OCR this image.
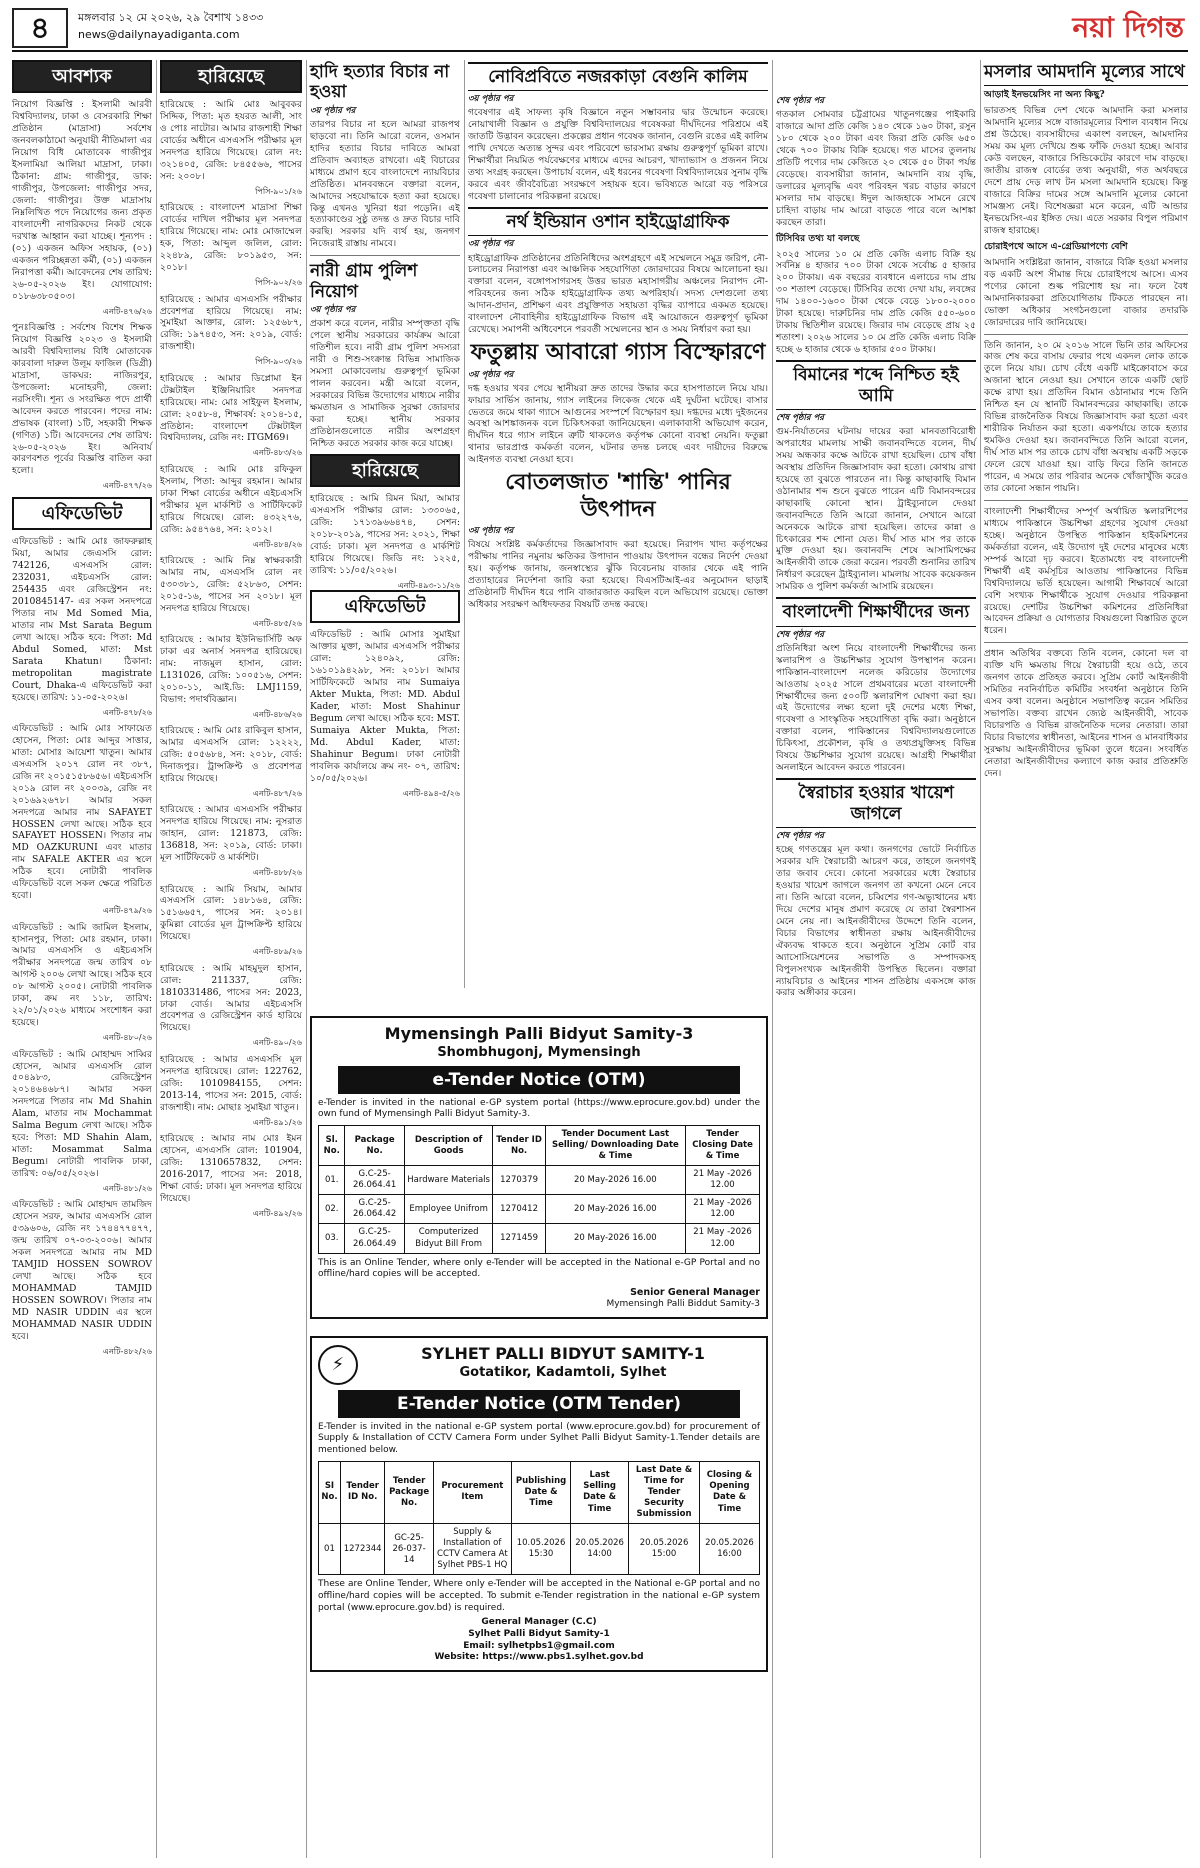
৪	মঙ্গলবার ১২ মে ২০২৬, ২৯ বৈশাখ ১৪৩৩
news@dailynayadiganta.com	নয়া দিগন্ত
আবশ্যক
নিয়োগ বিজ্ঞপ্তি : ইসলামী আরবী বিশ্ববিদ্যালয়, ঢাকা ও বেসরকারি শিক্ষা প্রতিষ্ঠান (মাদ্রাসা) সর্বশেষ জনবলকাঠামো অনুযায়ী নীতিমালা এর নিয়োগ বিধি মোতাবেক গাজীপুর ইসলামিয়া আলিয়া মাদ্রাসা, ঢাকা। ঠিকানা: গ্রাম: গাজীপুর, ডাক: গাজীপুর, উপজেলা: গাজীপুর সদর, জেলা: গাজীপুর। উক্ত মাদ্রাসায় নিম্নলিখিত পদে নিয়োগের জন্য প্রকৃত বাংলাদেশী নাগরিকদের নিকট থেকে দরখাস্ত আহ্বান করা যাচ্ছে। শূন্যপদ : (০১) একজন অফিস সহায়ক, (০১) একজন পরিচ্ছন্নতা কর্মী, (০১) একজন নিরাপত্তা কর্মী। আবেদনের শেষ তারিখ: ২৬-০৫-২০২৬ ইং। যোগাযোগ: ০১৮৬৩৮০৫০৩।
এনটি-৪৭৬/২৬
পুনঃবিজ্ঞপ্তি : সর্বশেষ বিশেষ শিক্ষক নিয়োগ বিজ্ঞপ্তি ২০২৩ ও ইসলামী আরবী বিশ্ববিদ্যালয় বিধি মোতাবেক কারবালা দারুল উলূম ফাজিল (ডিগ্রী) মাদ্রাসা, ডাকঘর: নাজিরপুর, উপজেলা: মনোহরদী, জেলা: নরসিংদী। শূন্য ও সংরক্ষিত পদে প্রার্থী আবেদন করতে পারবেন। পদের নাম: প্রভাষক (বাংলা) ১টি, সহকারী শিক্ষক (গণিত) ১টি। আবেদনের শেষ তারিখ: ২৬-০৫-২০২৬ ইং। অনিবার্য কারণবশত পূর্বের বিজ্ঞপ্তি বাতিল করা হলো।
এনটি-৪৭৭/২৬
এফিডেভিট
এফিডেভিট : আমি মোঃ জাফরুল্লাহ মিয়া, আমার জেএসসি রোল: 742126, এসএসসি রোল: 232031, এইচএসসি রোল: 254435 এবং রেজিস্ট্রেশন নং: 2010845147- এর সকল সনদপত্রে পিতার নাম Md Somed Mia, মাতার নাম Mst Sarata Begum লেখা আছে। সঠিক হবে: পিতা: Md Abdul Somed, মাতা: Mst Sarata Khatun। ঠিকানা: metropolitan magistrate Court, Dhaka-এ এফিডেভিট করা হয়েছে। তারিখ: ১১-০৫-২০২৬।
এনটি-৪৭৮/২৬
এফিডেভিট : আমি মোঃ সাফায়েত হোসেন, পিতা: মোঃ আব্দুর সাত্তার, মাতা: মোসাঃ আয়েশা খাতুন। আমার এসএসসি ২০১৭ রোল নং ৩৮৭, রেজি নং ২০১৫১৫৮৬৫৬। এইচএসসি ২০১৯ রোল নং ২০০৩৯, রেজি নং ২০১৬৯২৬৭৮। আমার সকল সনদপত্রে আমার নাম SAFAYET HOSSEN লেখা আছে। সঠিক হবে SAFAYET HOSSEN। পিতার নাম MD OAZKURUNI এবং মাতার নাম SAFALE AKTER এর স্থলে সঠিক হবে। নোটারী পাবলিক এফিডেভিট বলে সকল ক্ষেত্রে পরিচিত হবো।
এনটি-৪৭৯/২৬
এফিডেভিট : আমি জামিল ইসলাম, হাসানপুর, পিতা: মোঃ রহমান, ঢাকা। আমার এসএসসি ও এইচএসসি পরীক্ষার সনদপত্রে জন্ম তারিখ ০৮ আগস্ট ২০০৬ লেখা আছে। সঠিক হবে ০৮ আগস্ট ২০০৫। নোটারী পাবলিক ঢাকা, ক্রম নং ১১৮, তারিখ: ২২/০১/২০২৬ মাধ্যমে সংশোধন করা হয়েছে।
এনটি-৪৮০/২৬
এফিডেভিট : আমি মোহাম্মদ সাব্বির হোসেন, আমার এসএসসি রোল ৫০৪৯৮৩, রেজিস্ট্রেশন ২০১৪৬৪৬৮৭। আমার সকল সনদপত্রে পিতার নাম Md Shahin Alam, মাতার নাম Mochammat Salma Begum লেখা আছে। সঠিক হবে: পিতা: MD Shahin Alam, মাতা: Mosammat Salma Begum। নোটারী পাবলিক ঢাকা, তারিখ: ০৬/০৫/২০২৬।
এনটি-৪৮১/২৬
এফিডেভিট : আমি মোহাম্মদ তামজিদ হোসেন সরফ, আমার এসএসসি রোল ৫৩৯৬০৬, রেজি নং ১৭৪৪৭৭৪৭৭, জন্ম তারিখ ০৭-০৩-২০০৬। আমার সকল সনদপত্রে আমার নাম MD TAMJID HOSSEN SOWROV লেখা আছে। সঠিক হবে MOHAMMAD TAMJID HOSSEN SOWROV। পিতার নাম MD NASIR UDDIN এর স্থলে MOHAMMAD NASIR UDDIN হবে।
এনটি-৪৮২/২৬
হারিয়েছে
হারিয়েছে : আমি মোঃ আবুবকর সিদ্দিক, পিতা: মৃত হযরত আলী, সাং ও পোঃ নাটোর। আমার রাজশাহী শিক্ষা বোর্ডের অধীনে এসএসসি পরীক্ষার মূল সনদপত্র হারিয়ে গিয়েছে। রোল নং: ৩২১৪০৫, রেজি: ৮৪৫৫৬৬, পাসের সন: ২০০৮।
পিসি-৯০১/২৬
হারিয়েছে : বাংলাদেশ মাদ্রাসা শিক্ষা বোর্ডের দাখিল পরীক্ষার মূল সনদপত্র হারিয়ে গিয়েছে। নাম: মোঃ মোজাম্মেল হক, পিতা: আব্দুল জলিল, রোল: ২২৪৮৯, রেজি: ৮০১৯৫৩, সন: ২০১৮।
পিসি-৯০২/২৬
হারিয়েছে : আমার এসএসসি পরীক্ষার প্রবেশপত্র হারিয়ে গিয়েছে। নাম: সুমাইয়া আক্তার, রোল: ১২৫৬৮৭, রেজি: ১৯৭৪৫৩, সন: ২০১৯, বোর্ড: রাজশাহী।
পিসি-৯০৩/২৬
হারিয়েছে : আমার ডিপ্লোমা ইন টেক্সটাইল ইঞ্জিনিয়ারিং সনদপত্র হারিয়েছে। নাম: মোঃ সাইফুল ইসলাম, রোল: ২০৫৮-৪, শিক্ষাবর্ষ: ২০১৪-১৫, প্রতিষ্ঠান: বাংলাদেশ টেক্সটাইল বিশ্ববিদ্যালয়, রেজি নং: ITGM69।
এনটি-৪৮৩/২৬
হারিয়েছে : আমি মোঃ রফিকুল ইসলাম, পিতা: আব্দুর রহমান। আমার ঢাকা শিক্ষা বোর্ডের অধীনে এইচএসসি পরীক্ষার মূল মার্কশিট ও সার্টিফিকেট হারিয়ে গিয়েছে। রোল: ৪৩২২৭৬, রেজি: ৯৫৪৭৬৪, সন: ২০১২।
এনটি-৪৮৪/২৬
হারিয়েছে : আমি নিম্ন স্বাক্ষরকারী আমার নাম, এসএসসি রোল নং ৫৩০৩৮১, রেজি: ৫২৮৬৩, সেশন: ২০১৫-১৬, পাসের সন ২০১৮। মূল সনদপত্র হারিয়ে গিয়েছে।
এনটি-৪৮৫/২৬
হারিয়েছে : আমার ইউনিভার্সিটি অফ ঢাকা এর অনার্স সনদপত্র হারিয়েছে। নাম: নাজমুল হাসান, রোল: L131026, রেজি: ১০০৫১৬, সেশন: ২০১০-১১, আই.ডি: LMJ1159, বিভাগ: পদার্থবিজ্ঞান।
এনটি-৪৮৬/২৬
হারিয়েছে : আমি মোঃ রাকিবুল হাসান, আমার এসএসসি রোল: ১২২২২, রেজি: ৫০৫৬৮৪, সন: ২০১৮, বোর্ড: দিনাজপুর। ট্রান্সক্রিপ্ট ও প্রবেশপত্র হারিয়ে গিয়েছে।
এনটি-৪৮৭/২৬
হারিয়েছে : আমার এসএসসি পরীক্ষার সনদপত্র হারিয়ে গিয়েছে। নাম: নুসরাত জাহান, রোল: 121873, রেজি: 136818, সন: ২০১৯, বোর্ড: ঢাকা। মূল সার্টিফিকেট ও মার্কশিট।
এনটি-৪৮৮/২৬
হারিয়েছে : আমি সিয়াম, আমার এসএসসি রোল: ১৪৮১৬৪, রেজি: ১৫১৬৬৫৭, পাসের সন: ২০১৪। কুমিল্লা বোর্ডের মূল ট্রান্সক্রিপ্ট হারিয়ে গিয়েছে।
এনটি-৪৮৯/২৬
হারিয়েছে : আমি মাহমুদুল হাসান, রোল: 211337, রেজি: 1810331486, পাসের সন: 2023, ঢাকা বোর্ড। আমার এইচএসসি প্রবেশপত্র ও রেজিস্ট্রেশন কার্ড হারিয়ে গিয়েছে।
এনটি-৪৯০/২৬
হারিয়েছে : আমার এসএসসি মূল সনদপত্র হারিয়েছে। রোল: 122762, রেজি: 1010984155, সেশন: 2013-14, পাসের সন: 2015, বোর্ড: রাজশাহী। নাম: মোছাঃ সুমাইয়া খাতুন।
এনটি-৪৯১/২৬
হারিয়েছে : আমার নাম মোঃ ইমন হোসেন, এসএসসি রোল: 101904, রেজি: 1310657832, সেশন: 2016-2017, পাসের সন: 2018, শিক্ষা বোর্ড: ঢাকা। মূল সনদপত্র হারিয়ে গিয়েছে।
এনটি-৪৯২/২৬
হাদি হত্যার বিচার না হওয়া
৩য় পৃষ্ঠার পর
তারপর বিচার না হলে আমরা রাজপথ ছাড়বো না। তিনি আরো বলেন, ওসমান হাদির হত্যার বিচার দাবিতে আমরা প্রতিবাদ অব্যাহত রাখবো। এই বিচারের মাধ্যমে প্রমাণ হবে বাংলাদেশে ন্যায়বিচার প্রতিষ্ঠিত। মানববন্ধনে বক্তারা বলেন, আমাদের সহযোদ্ধাকে হত্যা করা হয়েছে। কিন্তু এখনও খুনিরা ধরা পড়েনি। এই হত্যাকাণ্ডের সুষ্ঠু তদন্ত ও দ্রুত বিচার দাবি করছি। সরকার যদি ব্যর্থ হয়, জনগণ নিজেরাই রাস্তায় নামবে।
নারী গ্রাম পুলিশ নিয়োগ
৩য় পৃষ্ঠার পর
প্রকাশ করে বলেন, নারীর সম্পৃক্ততা বৃদ্ধি পেলে স্থানীয় সরকারের কার্যক্রম আরো গতিশীল হবে। নারী গ্রাম পুলিশ সদস্যরা নারী ও শিশু-সংক্রান্ত বিভিন্ন সামাজিক সমস্যা মোকাবেলায় গুরুত্বপূর্ণ ভূমিকা পালন করবেন। মন্ত্রী আরো বলেন, সরকারের বিভিন্ন উদ্যোগের মাধ্যমে নারীর ক্ষমতায়ন ও সামাজিক সুরক্ষা জোরদার করা হচ্ছে। স্থানীয় সরকার প্রতিষ্ঠানগুলোতে নারীর অংশগ্রহণ নিশ্চিত করতে সরকার কাজ করে যাচ্ছে।
হারিয়েছে
হারিয়েছে : আমি রিমন মিয়া, আমার এসএসসি পরীক্ষার রোল: ১৩৩০৬৫, রেজি: ১৭১৩৯৬৬৪৭৪, সেশন: ২০১৮-২০১৯, পাসের সন: ২০২১, শিক্ষা বোর্ড: ঢাকা। মূল সনদপত্র ও মার্কশিট হারিয়ে গিয়েছে। জিডি নং: ১২২৫, তারিখ: ১১/০৫/২০২৬।
এনটি-৪৯৩-১১/২৬
এফিডেভিট
এফিডেভিট : আমি মোসাঃ সুমাইয়া আক্তার মুক্তা, আমার এসএসসি পরীক্ষার রোল: ১২৪০৯২, রেজি: ১৬১০১৯৪২৯৮, সন: ২০১৮। আমার সার্টিফিকেটে আমার নাম Sumaiya Akter Mukta, পিতা: MD. Abdul Kader, মাতা: Most Shahinur Begum লেখা আছে। সঠিক হবে: MST. Sumaiya Akter Mukta, পিতা: Md. Abdul Kader, মাতা: Shahinur Begum। ঢাকা নোটারী পাবলিক কার্যালয়ে ক্রম নং- ০৭, তারিখ: ১০/০৫/২০২৬।
এনটি-৪৯৪-৫/২৬
নোবিপ্রবিতে নজরকাড়া বেগুনি কালিম
৩য় পৃষ্ঠার পর
গবেষণার এই সাফল্য কৃষি বিজ্ঞানে নতুন সম্ভাবনার দ্বার উন্মোচন করেছে। নোয়াখালী বিজ্ঞান ও প্রযুক্তি বিশ্ববিদ্যালয়ের গবেষকরা দীর্ঘদিনের পরিশ্রমে এই জাতটি উদ্ভাবন করেছেন। প্রকল্পের প্রধান গবেষক জানান, বেগুনি রঙের এই কালিম পাখি দেখতে অত্যন্ত সুন্দর এবং পরিবেশে ভারসাম্য রক্ষায় গুরুত্বপূর্ণ ভূমিকা রাখে। শিক্ষার্থীরা নিয়মিত পর্যবেক্ষণের মাধ্যমে এদের আচরণ, খাদ্যাভ্যাস ও প্রজনন নিয়ে তথ্য সংগ্রহ করছেন। উপাচার্য বলেন, এই ধরনের গবেষণা বিশ্ববিদ্যালয়ের সুনাম বৃদ্ধি করবে এবং জীববৈচিত্র্য সংরক্ষণে সহায়ক হবে। ভবিষ্যতে আরো বড় পরিসরে গবেষণা চালানোর পরিকল্পনা রয়েছে।
নর্থ ইন্ডিয়ান ওশান হাইড্রোগ্রাফিক
৩য় পৃষ্ঠার পর
হাইড্রোগ্রাফিক প্রতিষ্ঠানের প্রতিনিধিদের অংশগ্রহণে এই সম্মেলনে সমুদ্র জরিপ, নৌ-চলাচলের নিরাপত্তা এবং আঞ্চলিক সহযোগিতা জোরদারের বিষয়ে আলোচনা হয়। বক্তারা বলেন, বঙ্গোপসাগরসহ উত্তর ভারত মহাসাগরীয় অঞ্চলের নিরাপদ নৌ-পরিবহনের জন্য সঠিক হাইড্রোগ্রাফিক তথ্য অপরিহার্য। সদস্য দেশগুলো তথ্য আদান-প্রদান, প্রশিক্ষণ এবং প্রযুক্তিগত সহায়তা বৃদ্ধির ব্যাপারে একমত হয়েছে। বাংলাদেশ নৌবাহিনীর হাইড্রোগ্রাফিক বিভাগ এই আয়োজনে গুরুত্বপূর্ণ ভূমিকা রেখেছে। সমাপনী অধিবেশনে পরবর্তী সম্মেলনের স্থান ও সময় নির্ধারণ করা হয়।
ফতুল্লায় আবারো গ্যাস বিস্ফোরণে
৩য় পৃষ্ঠার পর
দগ্ধ হওয়ার খবর পেয়ে স্থানীয়রা দ্রুত তাদের উদ্ধার করে হাসপাতালে নিয়ে যায়। ফায়ার সার্ভিস জানায়, গ্যাস লাইনের লিকেজ থেকে এই দুর্ঘটনা ঘটেছে। বাসার ভেতরে জমে থাকা গ্যাসে আগুনের সংস্পর্শে বিস্ফোরণ হয়। দগ্ধদের মধ্যে দুইজনের অবস্থা আশঙ্কাজনক বলে চিকিৎসকরা জানিয়েছেন। এলাকাবাসী অভিযোগ করেন, দীর্ঘদিন ধরে গ্যাস লাইনে ত্রুটি থাকলেও কর্তৃপক্ষ কোনো ব্যবস্থা নেয়নি। ফতুল্লা থানার ভারপ্রাপ্ত কর্মকর্তা বলেন, ঘটনার তদন্ত চলছে এবং দায়ীদের বিরুদ্ধে আইনগত ব্যবস্থা নেওয়া হবে।
বোতলজাত 'শান্তি' পানির উৎপাদন
৩য় পৃষ্ঠার পর
বিষয়ে সংশ্লিষ্ট কর্মকর্তাদের জিজ্ঞাসাবাদ করা হয়েছে। নিরাপদ খাদ্য কর্তৃপক্ষের পরীক্ষায় পানির নমুনায় ক্ষতিকর উপাদান পাওয়ায় উৎপাদন বন্ধের নির্দেশ দেওয়া হয়। কর্তৃপক্ষ জানায়, জনস্বাস্থ্যের ঝুঁকি বিবেচনায় বাজার থেকে এই পানি প্রত্যাহারের নির্দেশনা জারি করা হয়েছে। বিএসটিআই-এর অনুমোদন ছাড়াই প্রতিষ্ঠানটি দীর্ঘদিন ধরে পানি বাজারজাত করছিল বলে অভিযোগ রয়েছে। ভোক্তা অধিকার সংরক্ষণ অধিদফতর বিষয়টি তদন্ত করছে।
Mymensingh Palli Bidyut Samity-3
Shombhugonj, Mymensingh
e-Tender Notice (OTM)
e-Tender is invited in the national e-GP system portal (https://www.eprocure.gov.bd) under the own fund of Mymensingh Palli Bidyut Samity-3.
Sl. No.	Package No.	Description of Goods	Tender ID No.	Tender Document Last Selling/ Downloading Date & Time	Tender Closing Date & Time
01.	G.C-25-26.064.41	Hardware Materials	1270379	20 May-2026 16.00	21 May -2026 12.00
02.	G.C-25-26.064.42	Employee Unifrom	1270412	20 May-2026 16.00	21 May -2026 12.00
03.	G.C-25-26.064.49	Computerized Bidyut Bill From	1271459	20 May-2026 16.00	21 May -2026 12.00
This is an Online Tender, where only e-Tender will be accepted in the National e-GP Portal and no offline/hard copies will be accepted.
Senior General Manager
Mymensingh Palli Biddut Samity-3
⚡
SYLHET PALLI BIDYUT SAMITY-1
Gotatikor, Kadamtoli, Sylhet
E-Tender Notice (OTM Tender)
E-Tender is invited in the national e-GP system portal (www.eprocure.gov.bd) for procurement of Supply & Installation of CCTV Camera Form under Sylhet Palli Bidyut Samity-1.Tender details are mentioned below.
SI No.	Tender ID No.	Tender Package No.	Procurement Item	Publishing Date & Time	Last Selling Date & Time	Last Date & Time for Tender Security Submission	Closing & Opening Date & Time
01	1272344	GC-25-26-037-14	Supply & Installation of CCTV Camera At Sylhet PBS-1 HQ	10.05.2026 15:30	20.05.2026 14:00	20.05.2026 15:00	20.05.2026 16:00
These are Online Tender, Where only e-Tender will be accepted in the National e-GP portal and no offline/hard copies will be accepted. To submit e-Tender registration in the national e-GP system portal (www.eprocure.gov.bd) is required.
General Manager (C.C)
Sylhet Palli Bidyut Samity-1
Email: sylhetpbs1@gmail.com
Website: https://www.pbs1.sylhet.gov.bd
শেষ পৃষ্ঠার পর
গতকাল সোমবার চট্টগ্রামের খাতুনগঞ্জের পাইকারি বাজারে আদা প্রতি কেজি ১৪০ থেকে ১৬০ টাকা, রসুন ১৮০ থেকে ২০০ টাকা এবং জিরা প্রতি কেজি ৬৫০ থেকে ৭০০ টাকায় বিক্রি হয়েছে। গত মাসের তুলনায় প্রতিটি পণ্যের দাম কেজিতে ২০ থেকে ৫০ টাকা পর্যন্ত বেড়েছে। ব্যবসায়ীরা জানান, আমদানি ব্যয় বৃদ্ধি, ডলারের মূল্যবৃদ্ধি এবং পরিবহন খরচ বাড়ার কারণে মসলার দাম বাড়ছে। ঈদুল আজহাকে সামনে রেখে চাহিদা বাড়ায় দাম আরো বাড়তে পারে বলে আশঙ্কা করছেন তারা।
টিসিবির তথ্য যা বলছে
২০২৫ সালের ১০ মে প্রতি কেজি এলাচ বিক্রি হয় সর্বনিম্ন ৪ হাজার ৭০০ টাকা থেকে সর্বোচ্চ ৫ হাজার ২০০ টাকায়। এক বছরের ব্যবধানে এলাচের দাম প্রায় ৩০ শতাংশ বেড়েছে। টিসিবির তথ্যে দেখা যায়, লবঙ্গের দাম ১৪০০-১৬০০ টাকা থেকে বেড়ে ১৮০০-২০০০ টাকা হয়েছে। দারুচিনির দাম প্রতি কেজি ৫৫০-৬০০ টাকায় স্থিতিশীল রয়েছে। জিরার দাম বেড়েছে প্রায় ২৫ শতাংশ। ২০২৬ সালের ১০ মে প্রতি কেজি এলাচ বিক্রি হচ্ছে ৬ হাজার থেকে ৬ হাজার ৫০০ টাকায়।
বিমানের শব্দে নিশ্চিত হই আমি
শেষ পৃষ্ঠার পর
গুম-নির্যাতনের ঘটনায় দায়ের করা মানবতাবিরোধী অপরাধের মামলায় সাক্ষী জবানবন্দিতে বলেন, দীর্ঘ সময় অন্ধকার কক্ষে আটকে রাখা হয়েছিল। চোখ বাঁধা অবস্থায় প্রতিদিন জিজ্ঞাসাবাদ করা হতো। কোথায় রাখা হয়েছে তা বুঝতে পারতেন না। কিন্তু কাছাকাছি বিমান ওঠানামার শব্দ শুনে বুঝতে পারেন এটি বিমানবন্দরের কাছাকাছি কোনো স্থান। ট্রাইব্যুনালে দেওয়া জবানবন্দিতে তিনি আরো জানান, সেখানে আরো অনেককে আটকে রাখা হয়েছিল। তাদের কান্না ও চিৎকারের শব্দ শোনা যেত। দীর্ঘ সাত মাস পর তাকে মুক্তি দেওয়া হয়। জবানবন্দি শেষে আসামিপক্ষের আইনজীবী তাকে জেরা করেন। পরবর্তী শুনানির তারিখ নির্ধারণ করেছেন ট্রাইব্যুনাল। মামলায় সাবেক কয়েকজন সামরিক ও পুলিশ কর্মকর্তা আসামি রয়েছেন।
বাংলাদেশী শিক্ষার্থীদের জন্য
শেষ পৃষ্ঠার পর
প্রতিনিধিরা অংশ নিয়ে বাংলাদেশী শিক্ষার্থীদের জন্য স্কলারশিপ ও উচ্চশিক্ষার সুযোগ উপস্থাপন করেন। পাকিস্তান-বাংলাদেশ নলেজ করিডোর উদ্যোগের আওতায় ২০২৫ সালে প্রথমবারের মতো বাংলাদেশী শিক্ষার্থীদের জন্য ৫০০টি স্কলারশিপ ঘোষণা করা হয়। এই উদ্যোগের লক্ষ্য হলো দুই দেশের মধ্যে শিক্ষা, গবেষণা ও সাংস্কৃতিক সহযোগিতা বৃদ্ধি করা। অনুষ্ঠানে বক্তারা বলেন, পাকিস্তানের বিশ্ববিদ্যালয়গুলোতে চিকিৎসা, প্রকৌশল, কৃষি ও তথ্যপ্রযুক্তিসহ বিভিন্ন বিষয়ে উচ্চশিক্ষার সুযোগ রয়েছে। আগ্রহী শিক্ষার্থীরা অনলাইনে আবেদন করতে পারবেন।
স্বৈরাচার হওয়ার খায়েশ জাগলে
শেষ পৃষ্ঠার পর
হচ্ছে গণতন্ত্রের মূল কথা। জনগণের ভোটে নির্বাচিত সরকার যদি স্বৈরাচারী আচরণ করে, তাহলে জনগণই তার জবাব দেবে। কোনো সরকারের মধ্যে স্বৈরাচার হওয়ার খায়েশ জাগলে জনগণ তা কখনো মেনে নেবে না। তিনি আরো বলেন, চব্বিশের গণ-অভ্যুত্থানের মধ্য দিয়ে দেশের মানুষ প্রমাণ করেছে যে তারা স্বৈরশাসন মেনে নেয় না। আইনজীবীদের উদ্দেশে তিনি বলেন, বিচার বিভাগের স্বাধীনতা রক্ষায় আইনজীবীদের ঐক্যবদ্ধ থাকতে হবে। অনুষ্ঠানে সুপ্রিম কোর্ট বার অ্যাসোসিয়েশনের সভাপতি ও সম্পাদকসহ বিপুলসংখ্যক আইনজীবী উপস্থিত ছিলেন। বক্তারা ন্যায়বিচার ও আইনের শাসন প্রতিষ্ঠায় একসঙ্গে কাজ করার অঙ্গীকার করেন।
মসলার আমদানি মূল্যের সাথে
আড়াই ইনভয়েসিং না অন্য কিছু?
ভারতসহ বিভিন্ন দেশ থেকে আমদানি করা মসলার আমদানি মূল্যের সঙ্গে বাজারমূল্যের বিশাল ব্যবধান নিয়ে প্রশ্ন উঠেছে। ব্যবসায়ীদের একাংশ বলছেন, আমদানির সময় কম মূল্য দেখিয়ে শুল্ক ফাঁকি দেওয়া হচ্ছে। আবার কেউ বলছেন, বাজারে সিন্ডিকেটের কারণে দাম বাড়ছে। জাতীয় রাজস্ব বোর্ডের তথ্য অনুযায়ী, গত অর্থবছরে দেশে প্রায় দেড় লাখ টন মসলা আমদানি হয়েছে। কিন্তু বাজারে বিক্রির দামের সঙ্গে আমদানি মূল্যের কোনো সামঞ্জস্য নেই। বিশেষজ্ঞরা মনে করেন, এটি আন্ডার ইনভয়েসিং-এর ইঙ্গিত দেয়। এতে সরকার বিপুল পরিমাণ রাজস্ব হারাচ্ছে।
চোরাইপথে আসে এ-গ্রেডিয়াপণ্যে বেশি
আমদানি সংশ্লিষ্টরা জানান, বাজারে বিক্রি হওয়া মসলার বড় একটি অংশ সীমান্ত দিয়ে চোরাইপথে আসে। এসব পণ্যের কোনো শুল্ক পরিশোধ হয় না। ফলে বৈধ আমদানিকারকরা প্রতিযোগিতায় টিকতে পারছেন না। ভোক্তা অধিকার সংগঠনগুলো বাজার তদারকি জোরদারের দাবি জানিয়েছে।
তিনি জানান, ২০ মে ২০১৬ সালে ভিনি তার অফিসের কাজ শেষ করে বাসায় ফেরার পথে একদল লোক তাকে তুলে নিয়ে যায়। চোখ বেঁধে একটি মাইক্রোবাসে করে অজানা স্থানে নেওয়া হয়। সেখানে তাকে একটি ছোট কক্ষে রাখা হয়। প্রতিদিন বিমান ওঠানামার শব্দে তিনি নিশ্চিত হন যে স্থানটি বিমানবন্দরের কাছাকাছি। তাকে বিভিন্ন রাজনৈতিক বিষয়ে জিজ্ঞাসাবাদ করা হতো এবং শারীরিক নির্যাতন করা হতো। একপর্যায়ে তাকে হত্যার হুমকিও দেওয়া হয়। জবানবন্দিতে তিনি আরো বলেন, দীর্ঘ সাত মাস পর তাকে চোখ বাঁধা অবস্থায় একটি সড়কে ফেলে রেখে যাওয়া হয়। বাড়ি ফিরে তিনি জানতে পারেন, এ সময়ে তার পরিবার অনেক খোঁজাখুঁজি করেও তার কোনো সন্ধান পায়নি।
বাংলাদেশী শিক্ষার্থীদের সম্পূর্ণ অর্থায়িত স্কলারশিপের মাধ্যমে পাকিস্তানে উচ্চশিক্ষা গ্রহণের সুযোগ দেওয়া হচ্ছে। অনুষ্ঠানে উপস্থিত পাকিস্তান হাইকমিশনের কর্মকর্তারা বলেন, এই উদ্যোগ দুই দেশের মানুষের মধ্যে সম্পর্ক আরো দৃঢ় করবে। ইতোমধ্যে বহু বাংলাদেশী শিক্ষার্থী এই কর্মসূচির আওতায় পাকিস্তানের বিভিন্ন বিশ্ববিদ্যালয়ে ভর্তি হয়েছেন। আগামী শিক্ষাবর্ষে আরো বেশি সংখ্যক শিক্ষার্থীকে সুযোগ দেওয়ার পরিকল্পনা রয়েছে। দেশটির উচ্চশিক্ষা কমিশনের প্রতিনিধিরা আবেদন প্রক্রিয়া ও যোগ্যতার বিষয়গুলো বিস্তারিত তুলে ধরেন।
প্রধান অতিথির বক্তব্যে তিনি বলেন, কোনো দল বা ব্যক্তি যদি ক্ষমতায় গিয়ে স্বৈরাচারী হয়ে ওঠে, তবে জনগণ তাকে প্রতিহত করবে। সুপ্রিম কোর্ট আইনজীবী সমিতির নবনির্বাচিত কমিটির সংবর্ধনা অনুষ্ঠানে তিনি এসব কথা বলেন। অনুষ্ঠানে সভাপতিত্ব করেন সমিতির সভাপতি। বক্তব্য রাখেন জ্যেষ্ঠ আইনজীবী, সাবেক বিচারপতি ও বিভিন্ন রাজনৈতিক দলের নেতারা। তারা বিচার বিভাগের স্বাধীনতা, আইনের শাসন ও মানবাধিকার সুরক্ষায় আইনজীবীদের ভূমিকা তুলে ধরেন। সংবর্ধিত নেতারা আইনজীবীদের কল্যাণে কাজ করার প্রতিশ্রুতি দেন।
